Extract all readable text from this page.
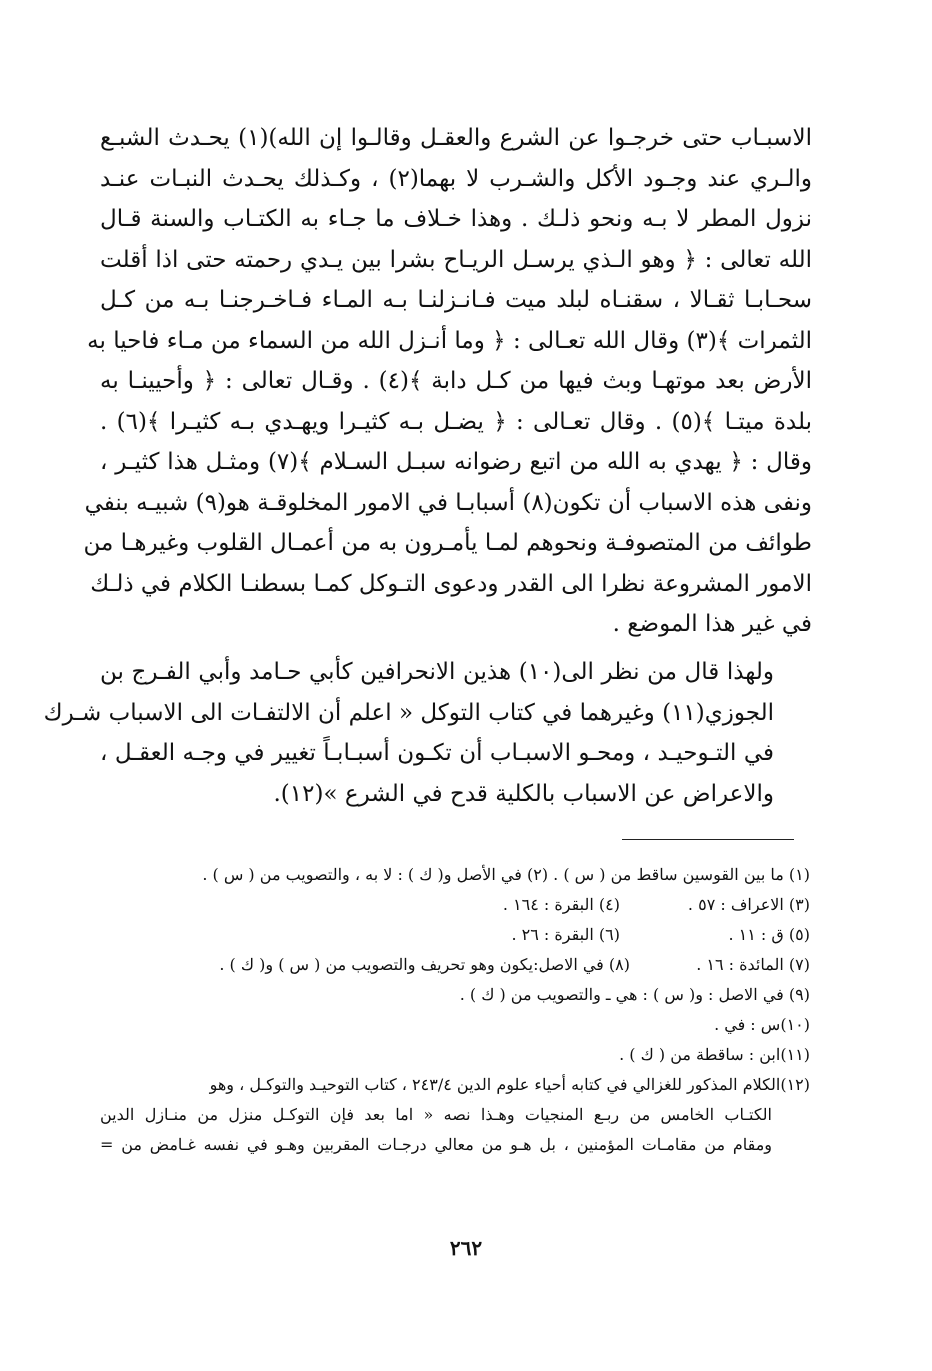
الاسبـاب حتى خرجـوا عن الشرع والعقـل وقالـوا إن الله)(١) يحـدث الشبـع
والـري عند وجـود الأكل والشـرب لا بهما(٢) ، وكـذلك يحـدث النبـات عنـد
نزول المطر لا بـه ونحو ذلـك . وهذا خـلاف ما جـاء به الكتـاب والسنة قـال
الله تعالى : ﴿ وهو الـذي يرسـل الريـاح بشرا بين يـدي رحمته حتى اذا أقلت
سحـابـا ثقـالا ، سقنـاه لبلد ميت فـانـزلنـا بـه المـاء فـاخـرجنـا بـه من كـل
الثمرات ﴾(٣) وقال الله تعـالى : ﴿ وما أنـزل الله من السماء من مـاء فاحيا به
الأرض بعد موتهـا وبث فيها من كـل دابة ﴾(٤) . وقـال تعالى : ﴿ وأحيينـا به
بلدة ميتـا ﴾(٥) . وقال تعـالى : ﴿ يضـل بـه كثيـرا ويهـدي بـه كثيـرا ﴾(٦) .
وقال : ﴿ يهدي به الله من اتبع رضوانه سبـل السـلام ﴾(٧) ومثـل هذا كثيـر ،
ونفى هذه الاسباب أن تكون(٨) أسبابـا في الامور المخلوقـة هو(٩) شبيـه بنفي
طوائف من المتصوفـة ونحوهم لمـا يأمـرون به من أعمـال القلوب وغيرهـا من
الامور المشروعة نظرا الى القدر ودعوى التـوكل كمـا بسطنـا الكلام في ذلـك
في غير هذا الموضع .
ولهذا قال من نظر الى(١٠) هذين الانحرافين كأبي حـامد وأبي الفـرج بن
الجوزي(١١) وغيرهما في كتاب التوكل « اعلم أن الالتفـات الى الاسباب شـرك
في التـوحيـد ، ومحـو الاسبـاب أن تكـون أسبـابـاً تغيير في وجـه العقـل ،
والاعراض عن الاسباب بالكلية قدح في الشرع »(١٢).
(١) ما بين القوسين ساقط من ( س ) . (٢) في الأصل و( ك ) : لا به ، والتصويب من ( س ) .
(٣) الاعراف : ٥٧ .
(٤) البقرة : ١٦٤ .
(٥) ق : ١١ .
(٦) البقرة : ٢٦ .
(٧) المائدة : ١٦ .
(٨) في الاصل:يكون وهو تحريف والتصويب من ( س ) و( ك ) .
(٩) في الاصل : و( س ) : هي ـ والتصويب من ( ك ) .
(١٠)س : في .
(١١)ابن : ساقطة من ( ك ) .
(١٢)الكلام المذكور للغزالي في كتابه أحياء علوم الدين ٢٤٣/٤ ، كتاب التوحيـد والتوكـل ، وهو
الكتـاب الخامس من ربـع المنجيات وهـذا نصه « اما بعد فإن التوكـل منزل من منـازل الدين
ومقام من مقامـات المؤمنين ، بل هـو من معالي درجـات المقربين وهـو في نفسه غـامض من =
٢٦٢
